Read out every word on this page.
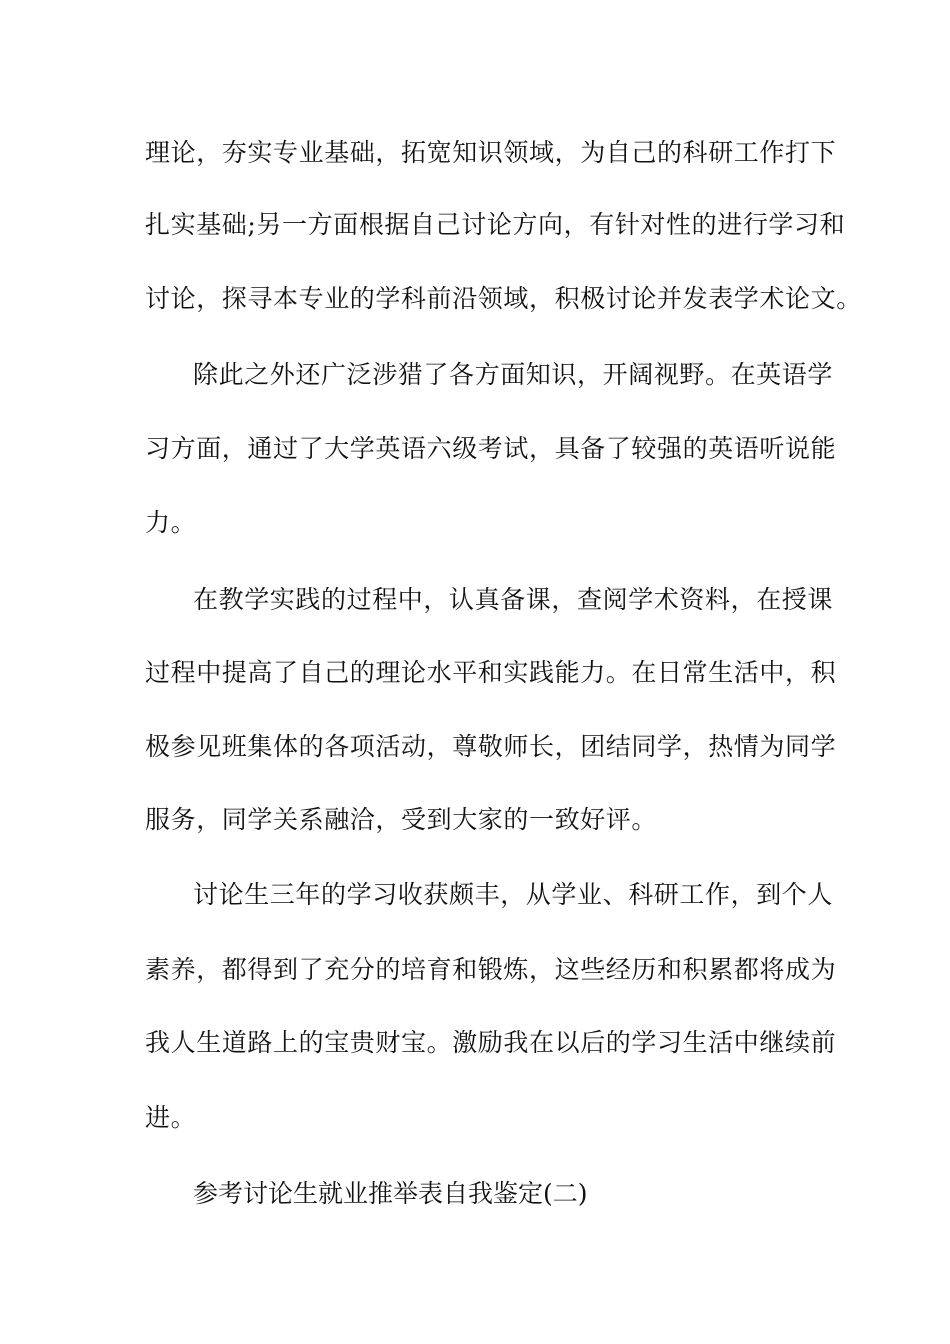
理论，夯实专业基础，拓宽知识领域，为自己的科研工作打下
扎实基础;另一方面根据自己讨论方向，有针对性的进行学习和
讨论，探寻本专业的学科前沿领域，积极讨论并发表学术论文。
除此之外还广泛涉猎了各方面知识，开阔视野。在英语学
习方面，通过了大学英语六级考试，具备了较强的英语听说能
力。
在教学实践的过程中，认真备课，查阅学术资料，在授课
过程中提高了自己的理论水平和实践能力。在日常生活中，积
极参见班集体的各项活动，尊敬师长，团结同学，热情为同学
服务，同学关系融洽，受到大家的一致好评。
讨论生三年的学习收获颇丰，从学业、科研工作，到个人
素养，都得到了充分的培育和锻炼，这些经历和积累都将成为
我人生道路上的宝贵财宝。激励我在以后的学习生活中继续前
进。
参考讨论生就业推举表自我鉴定(二)
